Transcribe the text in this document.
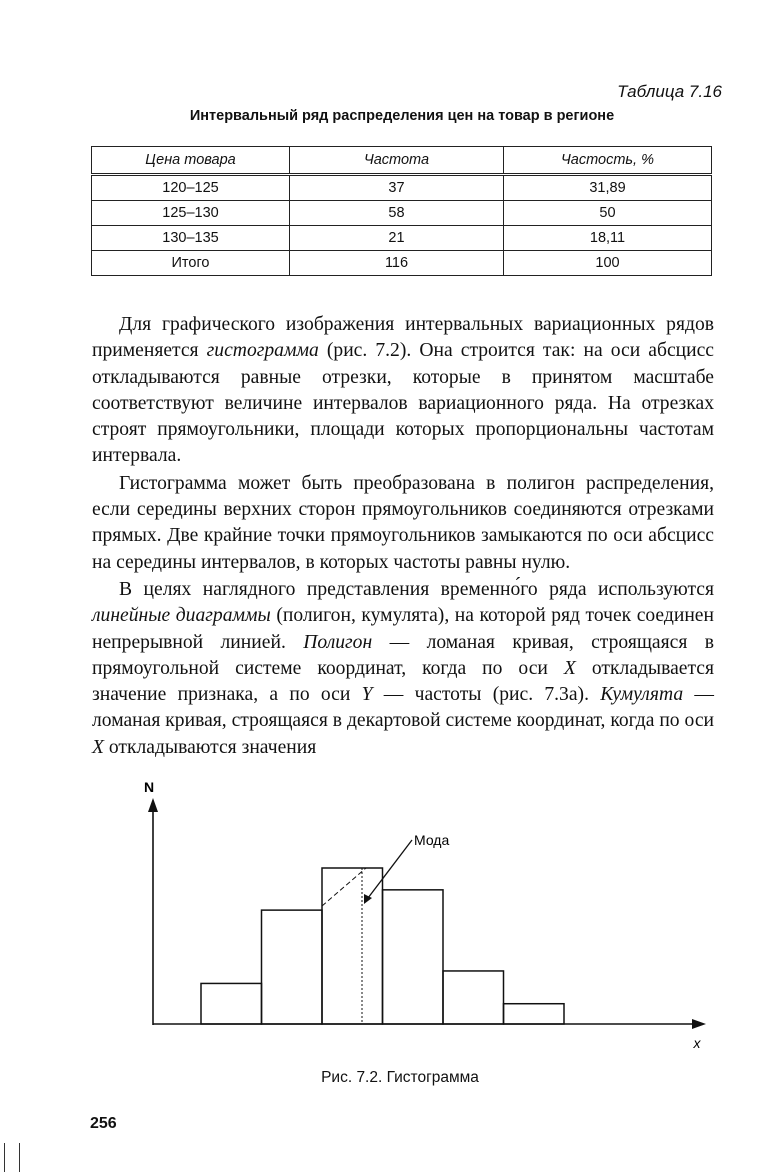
Таблица 7.16
Интервальный ряд распределения цен на товар в регионе
Цена товара	Частота	Частость, %
120–125	37	31,89
125–130	58	50
130–135	21	18,11
Итого	116	100

Для графического изображения интервальных вариационных рядов применяется гистограмма (рис. 7.2). Она строится так: на оси абсцисс откладываются равные отрезки, которые в принятом масштабе соответствуют величине интервалов вариационного ряда. На отрезках строят прямоугольники, площади которых пропорциональны частотам интервала.

Гистограмма может быть преобразована в полигон распределения, если середины верхних сторон прямоугольников соединяются отрезками прямых. Две крайние точки прямоугольников замыкаются по оси абсцисс на середины интервалов, в которых частоты равны нулю.

В целях наглядного представления временно́го ряда используются линейные диаграммы (полигон, кумулята), на которой ряд точек соединен непрерывной линией. Полигон — ломаная кривая, строящаяся в прямоугольной системе координат, когда по оси X откладывается значение признака, а по оси Y — частоты (рис. 7.3а). Кумулята — ломаная кривая, строящаяся в декартовой системе координат, когда по оси X откладываются значения

N
x
Мода
Рис. 7.2. Гистограмма
256
